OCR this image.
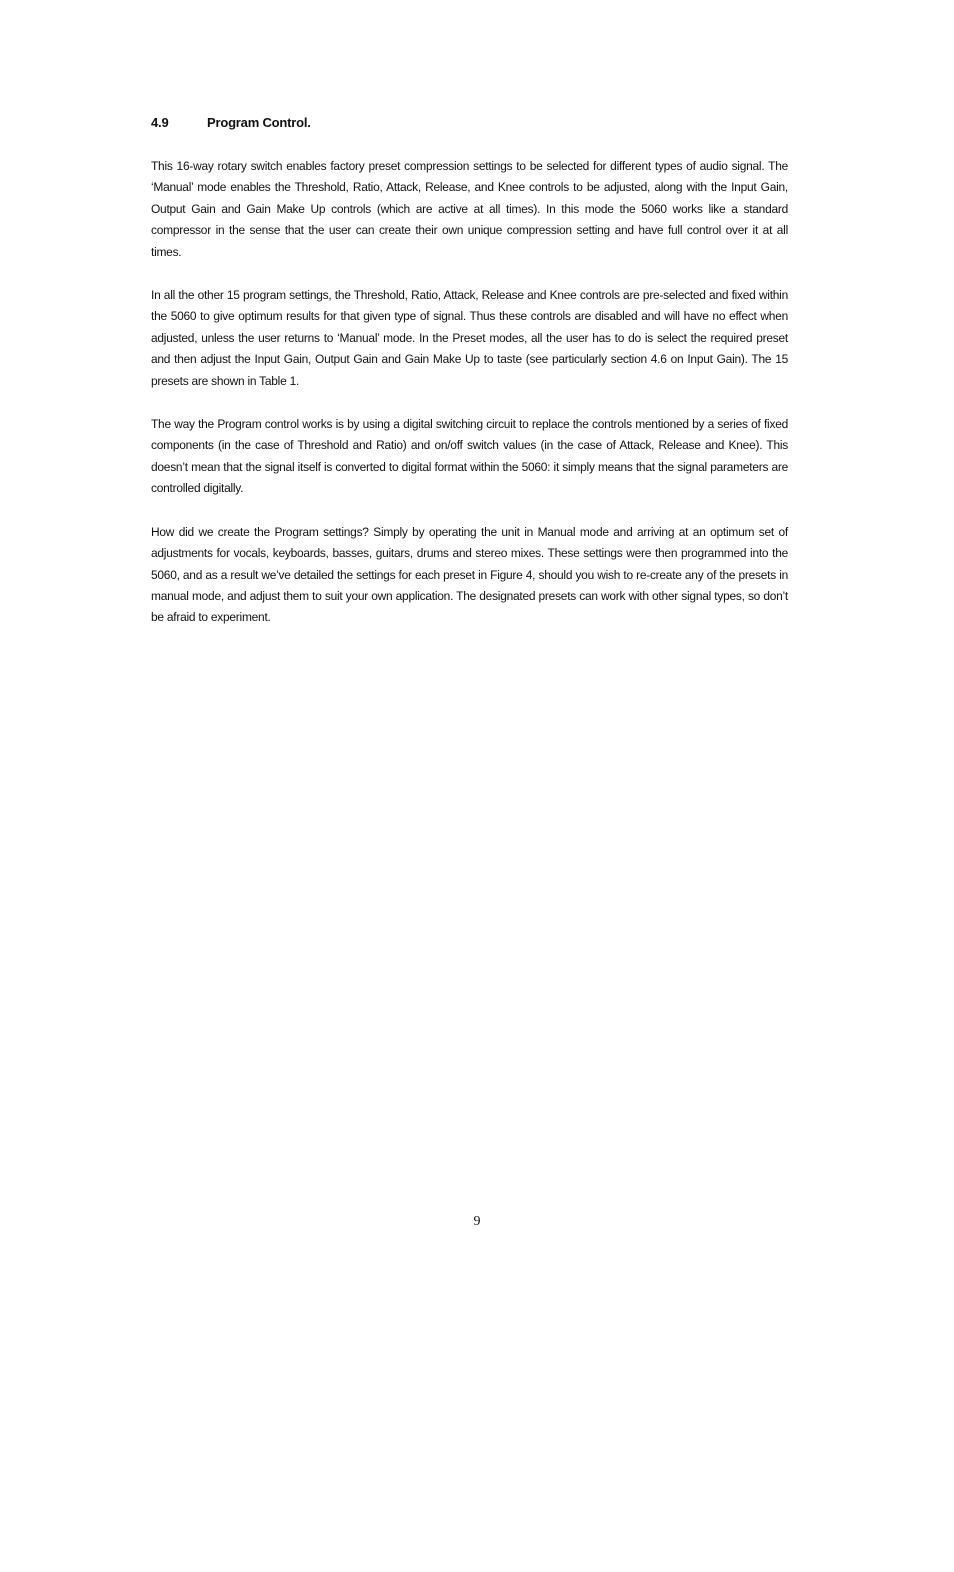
4.9	Program Control.

This 16-way rotary switch enables factory preset compression settings to be selected for different types of audio signal. The ‘Manual’ mode enables the Threshold, Ratio, Attack, Release, and Knee controls to be adjusted, along with the Input Gain, Output Gain and Gain Make Up controls (which are active at all times). In this mode the 5060 works like a standard compressor in the sense that the user can create their own unique compression setting and have full control over it at all times.

In all the other 15 program settings, the Threshold, Ratio, Attack, Release and Knee controls are pre-selected and fixed within the 5060 to give optimum results for that given type of signal. Thus these controls are disabled and will have no effect when adjusted, unless the user returns to ‘Manual’ mode. In the Preset modes, all the user has to do is select the required preset and then adjust the Input Gain, Output Gain and Gain Make Up to taste (see particularly section 4.6 on Input Gain). The 15 presets are shown in Table 1.

The way the Program control works is by using a digital switching circuit to replace the controls mentioned by a series of fixed components (in the case of Threshold and Ratio) and on/off switch values (in the case of Attack, Release and Knee). This doesn’t mean that the signal itself is converted to digital format within the 5060: it simply means that the signal parameters are controlled digitally.

How did we create the Program settings? Simply by operating the unit in Manual mode and arriving at an optimum set of adjustments for vocals, keyboards, basses, guitars, drums and stereo mixes. These settings were then programmed into the 5060, and as a result we’ve detailed the settings for each preset in Figure 4, should you wish to re-create any of the presets in manual mode, and adjust them to suit your own application. The designated presets can work with other signal types, so don’t be afraid to experiment.

9
